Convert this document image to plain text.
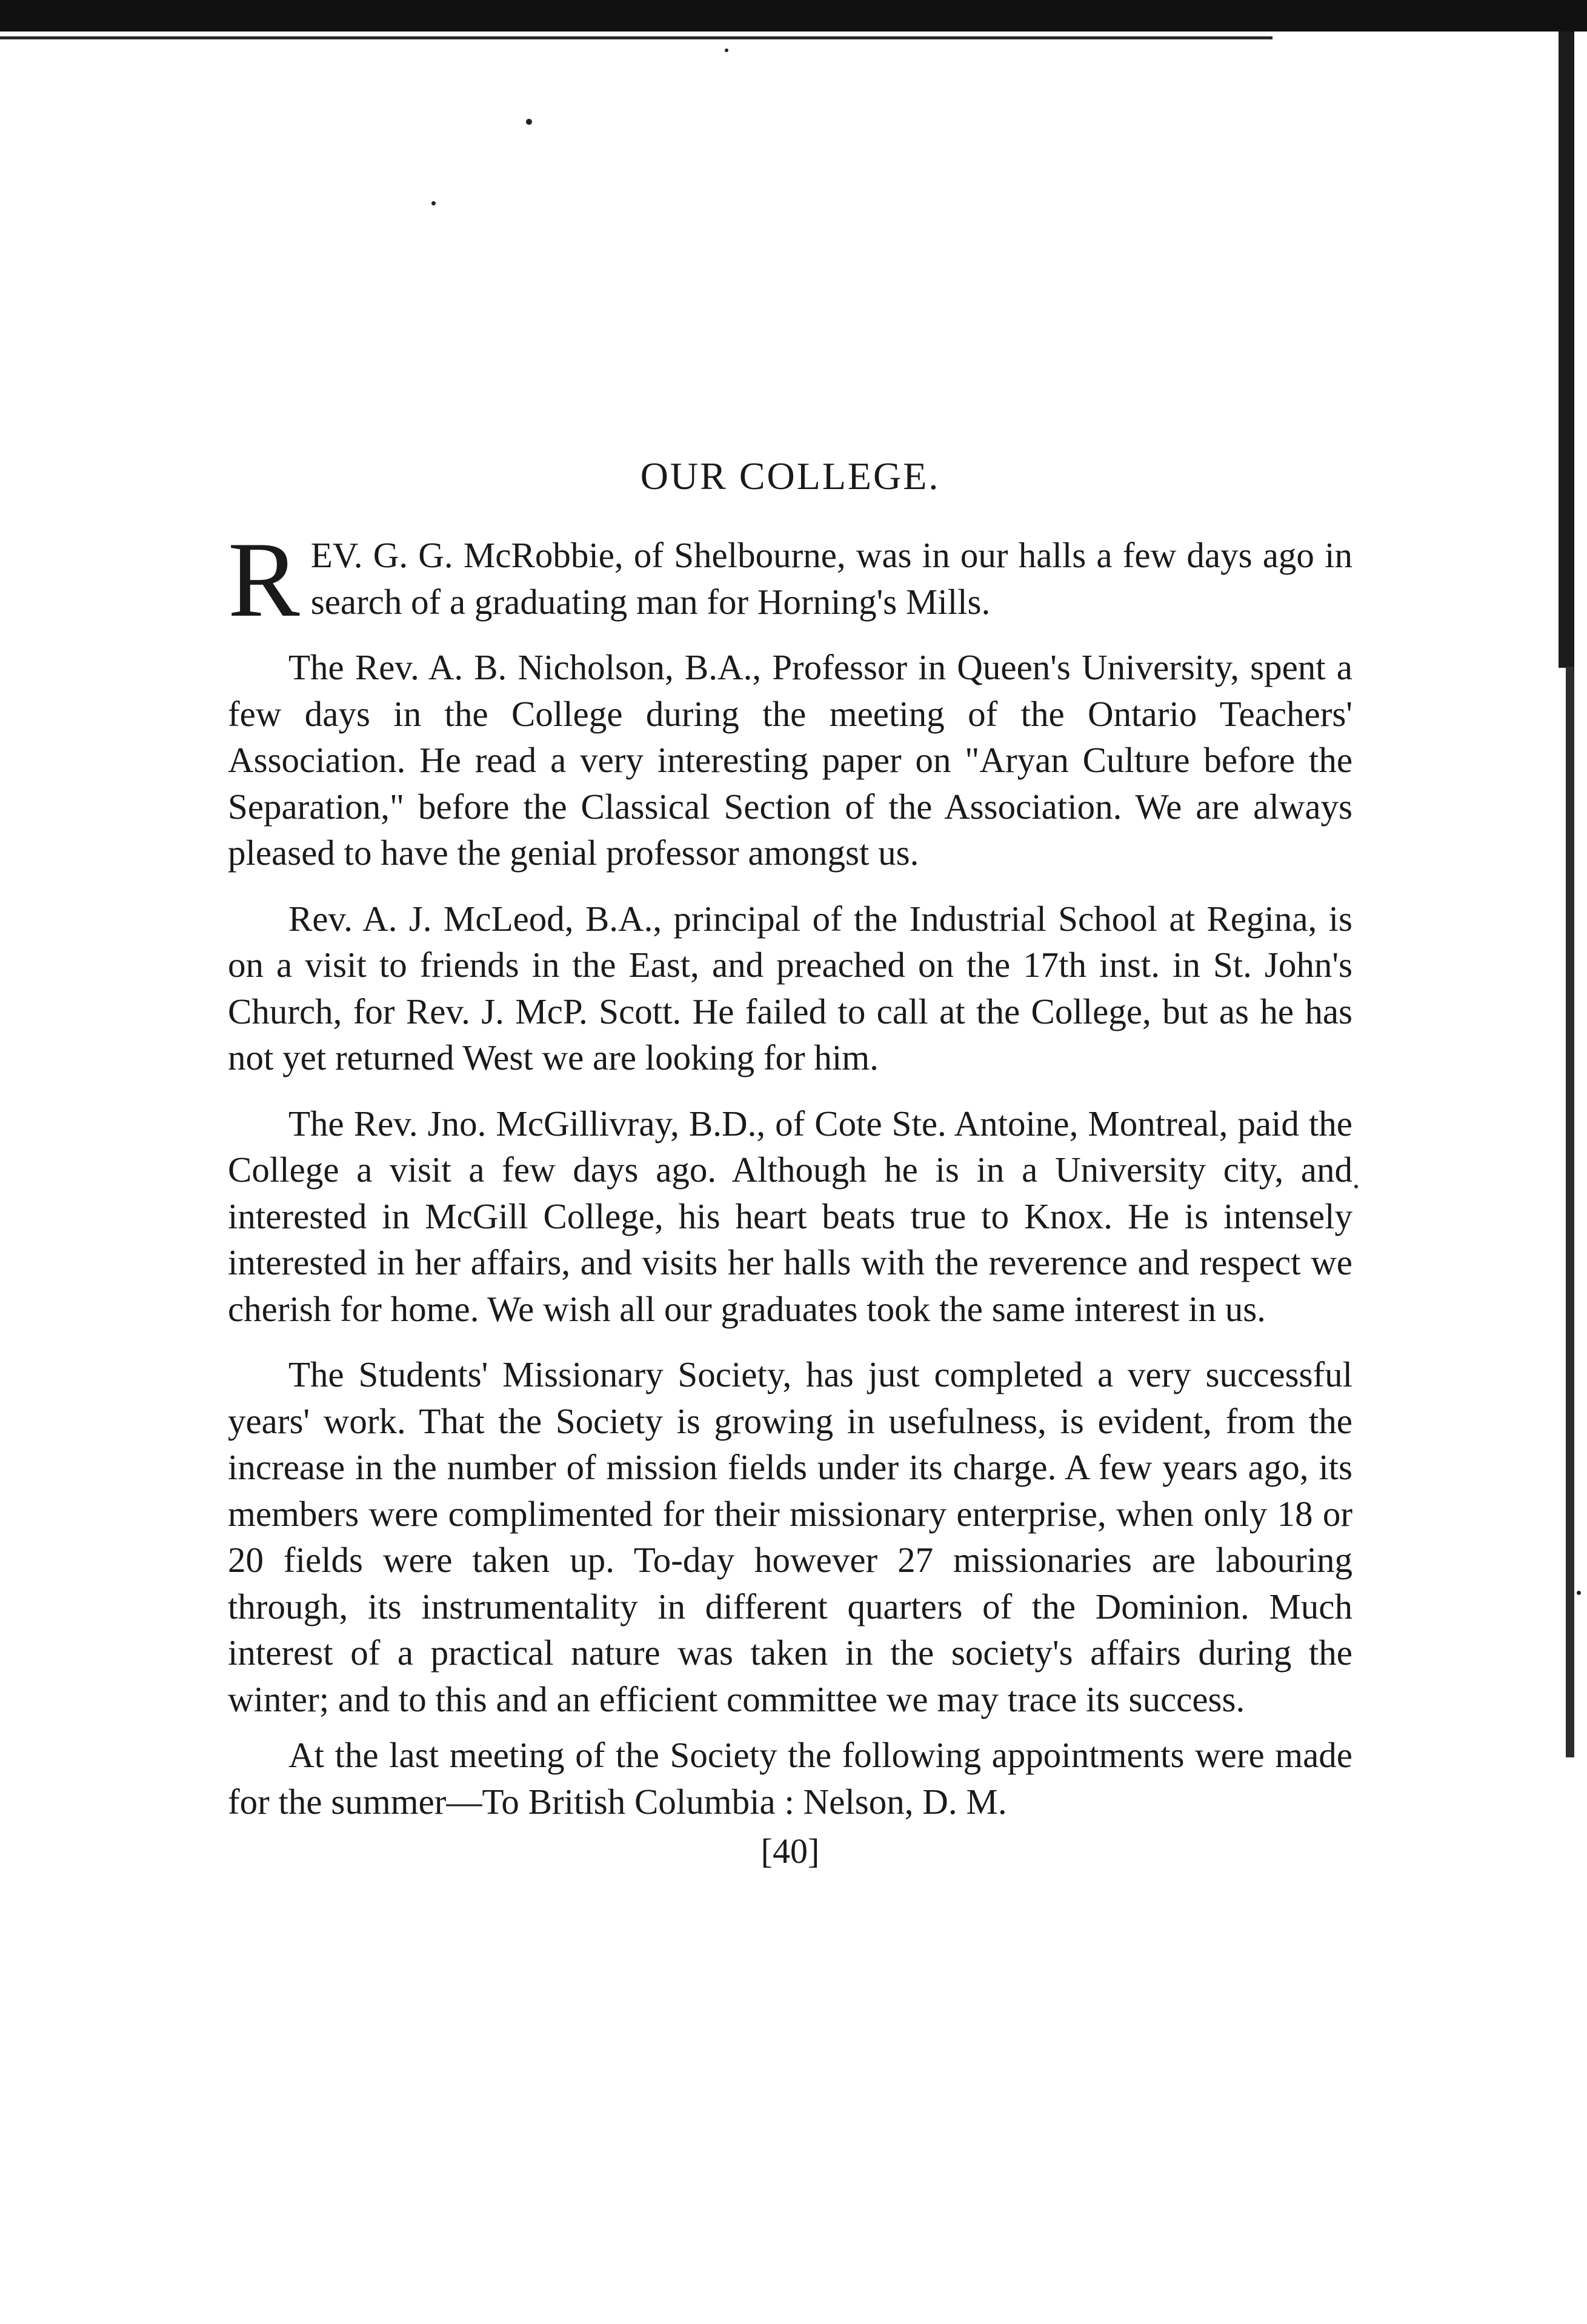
OUR COLLEGE.

REV. G. G. McRobbie, of Shelbourne, was in our halls a few days ago in search of a graduating man for Horning's Mills.

The Rev. A. B. Nicholson, B.A., Professor in Queen's University, spent a few days in the College during the meeting of the Ontario Teachers' Association. He read a very interesting paper on "Aryan Culture before the Separation," before the Classical Section of the Association. We are always pleased to have the genial professor amongst us.

Rev. A. J. McLeod, B.A., principal of the Industrial School at Regina, is on a visit to friends in the East, and preached on the 17th inst. in St. John's Church, for Rev. J. McP. Scott. He failed to call at the College, but as he has not yet returned West we are looking for him.

The Rev. Jno. McGillivray, B.D., of Cote Ste. Antoine, Montreal, paid the College a visit a few days ago. Although he is in a University city, and interested in McGill College, his heart beats true to Knox. He is intensely interested in her affairs, and visits her halls with the reverence and respect we cherish for home. We wish all our graduates took the same interest in us.

The Students' Missionary Society, has just completed a very successful years' work. That the Society is growing in usefulness, is evident, from the increase in the number of mission fields under its charge. A few years ago, its members were complimented for their missionary enterprise, when only 18 or 20 fields were taken up. To-day however 27 missionaries are labouring through, its instrumentality in different quarters of the Dominion. Much interest of a practical nature was taken in the society's affairs during the winter; and to this and an efficient committee we may trace its success.

At the last meeting of the Society the following appointments were made for the summer—To British Columbia : Nelson, D. M.

[40]
